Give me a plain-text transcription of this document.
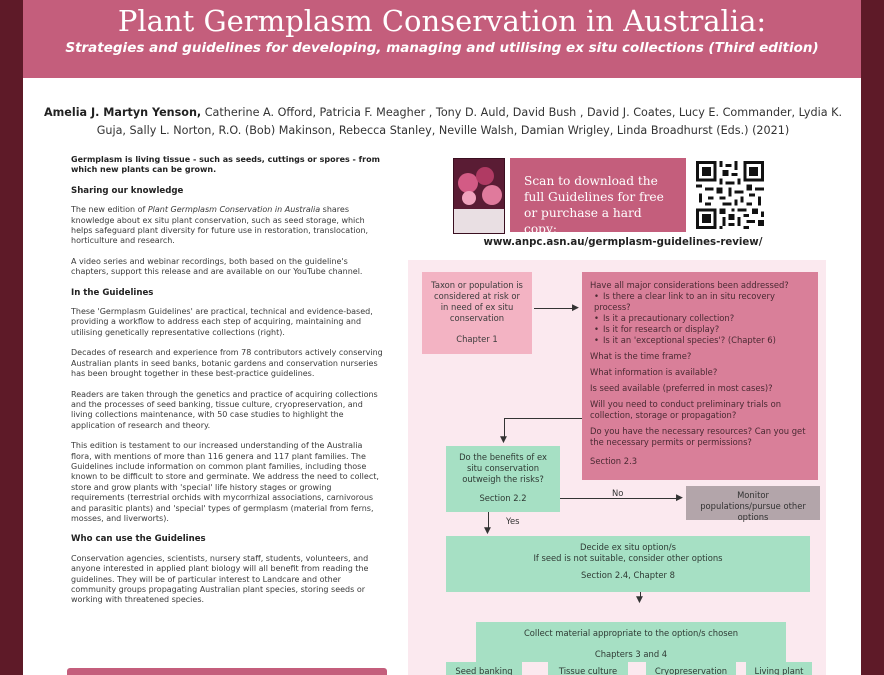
Plant Germplasm Conservation in Australia:
Strategies and guidelines for developing, managing and utilising ex situ collections (Third edition)
Amelia J. Martyn Yenson, Catherine A. Offord, Patricia F. Meagher , Tony D. Auld, David Bush , David J. Coates, Lucy E. Commander, Lydia K. Guja, Sally L. Norton, R.O. (Bob) Makinson, Rebecca Stanley, Neville Walsh, Damian Wrigley, Linda Broadhurst (Eds.) (2021)

Germplasm is living tissue - such as seeds, cuttings or spores - from which new plants can be grown.

Sharing our knowledge

The new edition of Plant Germplasm Conservation in Australia shares knowledge about ex situ plant conservation, such as seed storage, which helps safeguard plant diversity for future use in restoration, translocation, horticulture and research.

A video series and webinar recordings, both based on the guideline's chapters, support this release and are available on our YouTube channel.

In the Guidelines

These 'Germplasm Guidelines' are practical, technical and evidence-based, providing a workflow to address each step of acquiring, maintaining and utilising genetically representative collections (right).

Decades of research and experience from 78 contributors actively conserving Australian plants in seed banks, botanic gardens and conservation nurseries has been brought together in these best-practice guidelines.

Readers are taken through the genetics and practice of acquiring collections and the processes of seed banking, tissue culture, cryopreservation, and living collections maintenance, with 50 case studies to highlight the application of research and theory.

This edition is testament to our increased understanding of the Australia flora, with mentions of more than 116 genera and 117 plant families. The Guidelines include information on common plant families, including those known to be difficult to store and germinate. We address the need to collect, store and grow plants with 'special' life history stages or growing requirements (terrestrial orchids with mycorrhizal associations, carnivorous and parasitic plants) and 'special' types of germplasm (material from ferns, mosses, and liverworts).

Who can use the Guidelines

Conservation agencies, scientists, nursery staff, students, volunteers, and anyone interested in applied plant biology will all benefit from reading the guidelines. They will be of particular interest to Landcare and other community groups propagating Australian plant species, storing seeds or working with threatened species.

Scan to download the full Guidelines for free or purchase a hard copy:
www.anpc.asn.au/germplasm-guidelines-review/
Taxon or population is considered at risk or in need of ex situ conservation
Chapter 1
▶
Have all major considerations been addressed?
• Is there a clear link to an in situ recovery process?
• Is it a precautionary collection?
• Is it for research or display?
• Is it an 'exceptional species'? (Chapter 6)
What is the time frame?
What information is available?
Is seed available (preferred in most cases)?
Will you need to conduct preliminary trials on collection, storage or propagation?
Do you have the necessary resources? Can you get the necessary permits or permissions?
Section 2.3
▼
Do the benefits of ex situ conservation outweigh the risks?
Section 2.2	▶
No	Monitor populations/pursue other options
▼
Yes
Decide ex situ option/s
If seed is not suitable, consider other options
Section 2.4, Chapter 8
▼
Collect material appropriate to the option/s chosen
Chapters 3 and 4
Seed banking	Tissue culture	Cryopreservation	Living plant
